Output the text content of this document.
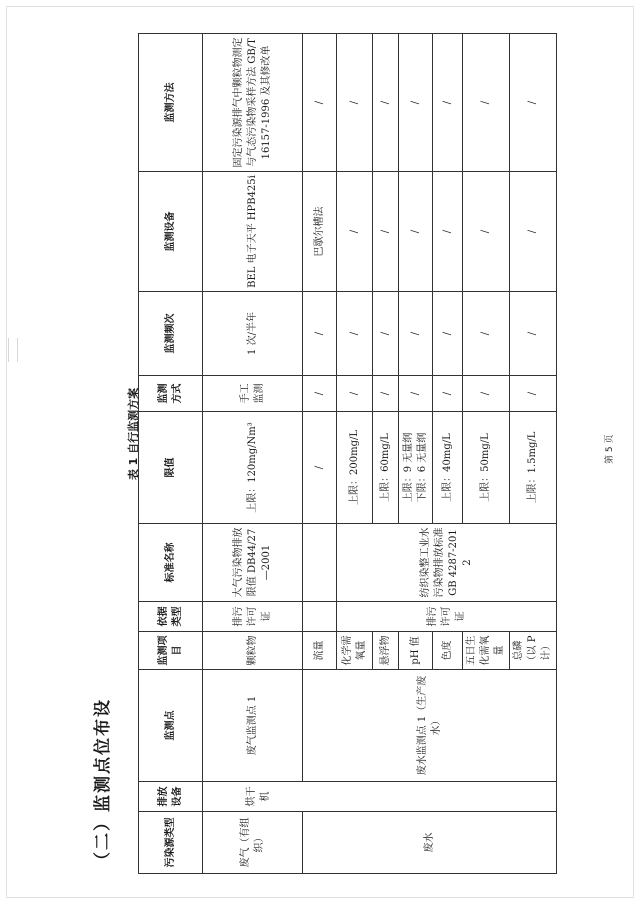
（二）监测点位布设
表 1 自行监测方案
污染源类型	排放设备	监测点	监测项目	依据类型	标准名称	限值	监测方式	监测频次	监测设备	监测方法
废气（有组织）	烘干机	废气监测点 1	颗粒物	排污许可证	大气污染物排放限值 DB44/27—2001	上限：120mg/Nm³	手工监测	1 次/半年	BEL 电子天平 HPB425i	固定污染源排气中颗粒物测定与气态污染物采样方法 GB/T 16157-1996 及其修改单
废水		废水监测点 1（生产废水）	流量			/	/	/	巴歇尔槽法	/
			化学需氧量	排污许可证	纺织染整工业水污染物排放标准 GB 4287-2012	上限：200mg/L	/	/	/	/
			悬浮物			上限：60mg/L	/	/	/	/
			pH 值			上限：9 无量纲 下限：6 无量纲	/	/	/	/
			色度			上限：40mg/L	/	/	/	/
			五日生化需氧量			上限：50mg/L	/	/	/	/
			总磷（以 P 计）			上限：1.5mg/L	/	/	/	/
第 5 页
